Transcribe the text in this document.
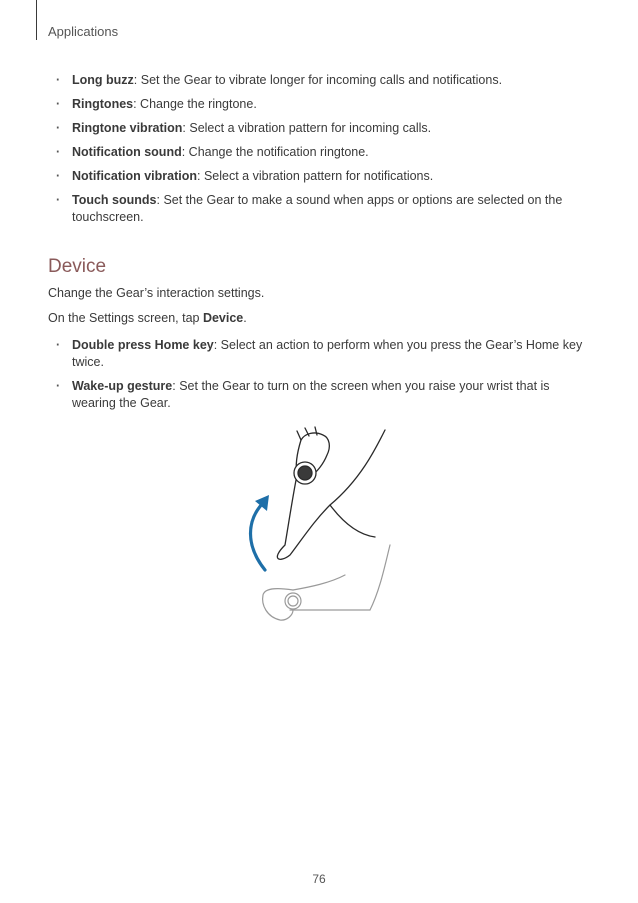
Applications
· Long buzz: Set the Gear to vibrate longer for incoming calls and notifications.
· Ringtones: Change the ringtone.
· Ringtone vibration: Select a vibration pattern for incoming calls.
· Notification sound: Change the notification ringtone.
· Notification vibration: Select a vibration pattern for notifications.
· Touch sounds: Set the Gear to make a sound when apps or options are selected on the touchscreen.
Device
Change the Gear’s interaction settings.
On the Settings screen, tap Device.
· Double press Home key: Select an action to perform when you press the Gear’s Home key twice.
· Wake-up gesture: Set the Gear to turn on the screen when you raise your wrist that is wearing the Gear.
76
